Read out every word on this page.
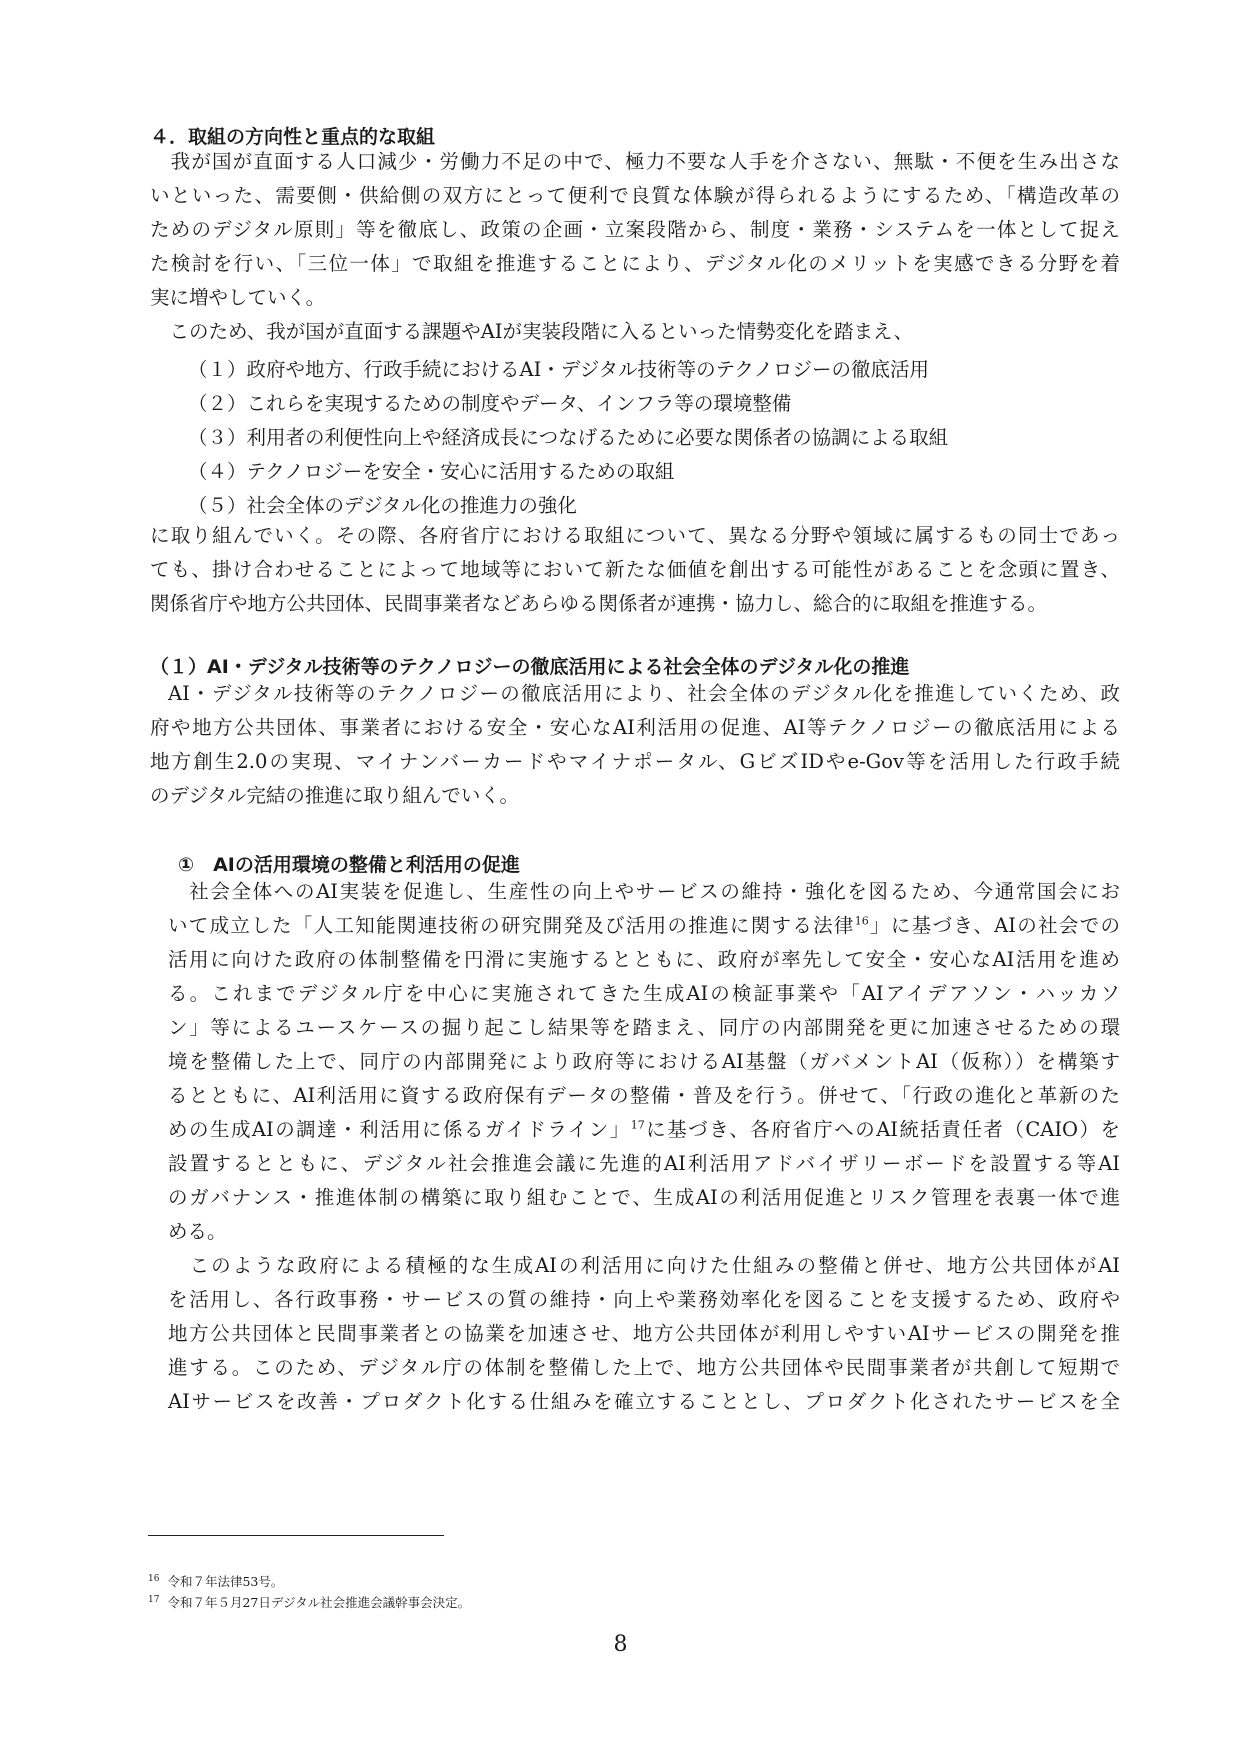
４．取組の方向性と重点的な取組
　我が国が直面する人口減少・労働力不足の中で、極力不要な人手を介さない、無駄・不便を生み出さな
いといった、需要側・供給側の双方にとって便利で良質な体験が得られるようにするため、「構造改革の
ためのデジタル原則」等を徹底し、政策の企画・立案段階から、制度・業務・システムを一体として捉え
た検討を行い、「三位一体」で取組を推進することにより、デジタル化のメリットを実感できる分野を着
実に増やしていく。
　このため、我が国が直面する課題やAIが実装段階に入るといった情勢変化を踏まえ、
（１）政府や地方、行政手続におけるAI・デジタル技術等のテクノロジーの徹底活用
（２）これらを実現するための制度やデータ、インフラ等の環境整備
（３）利用者の利便性向上や経済成長につなげるために必要な関係者の協調による取組
（４）テクノロジーを安全・安心に活用するための取組
（５）社会全体のデジタル化の推進力の強化
に取り組んでいく。その際、各府省庁における取組について、異なる分野や領域に属するもの同士であっ
ても、掛け合わせることによって地域等において新たな価値を創出する可能性があることを念頭に置き、
関係省庁や地方公共団体、民間事業者などあらゆる関係者が連携・協力し、総合的に取組を推進する。
（１）AI・デジタル技術等のテクノロジーの徹底活用による社会全体のデジタル化の推進
AI・デジタル技術等のテクノロジーの徹底活用により、社会全体のデジタル化を推進していくため、政
府や地方公共団体、事業者における安全・安心なAI利活用の促進、AI等テクノロジーの徹底活用による
地方創生2.0の実現、マイナンバーカードやマイナポータル、GビズIDやe-Gov等を活用した行政手続
のデジタル完結の推進に取り組んでいく。
①　AIの活用環境の整備と利活用の促進
　社会全体へのAI実装を促進し、生産性の向上やサービスの維持・強化を図るため、今通常国会にお
いて成立した「人工知能関連技術の研究開発及び活用の推進に関する法律$^{16}$」に基づき、AIの社会での
活用に向けた政府の体制整備を円滑に実施するとともに、政府が率先して安全・安心なAI活用を進め
る。これまでデジタル庁を中心に実施されてきた生成AIの検証事業や「AIアイデアソン・ハッカソ
ン」等によるユースケースの掘り起こし結果等を踏まえ、同庁の内部開発を更に加速させるための環
境を整備した上で、同庁の内部開発により政府等におけるAI基盤（ガバメントAI（仮称））を構築す
るとともに、AI利活用に資する政府保有データの整備・普及を行う。併せて、「行政の進化と革新のた
めの生成AIの調達・利活用に係るガイドライン」$^{17}$に基づき、各府省庁へのAI統括責任者（CAIO）を
設置するとともに、デジタル社会推進会議に先進的AI利活用アドバイザリーボードを設置する等AI
のガバナンス・推進体制の構築に取り組むことで、生成AIの利活用促進とリスク管理を表裏一体で進
める。
　このような政府による積極的な生成AIの利活用に向けた仕組みの整備と併せ、地方公共団体がAI
を活用し、各行政事務・サービスの質の維持・向上や業務効率化を図ることを支援するため、政府や
地方公共団体と民間事業者との協業を加速させ、地方公共団体が利用しやすいAIサービスの開発を推
進する。このため、デジタル庁の体制を整備した上で、地方公共団体や民間事業者が共創して短期で
AIサービスを改善・プロダクト化する仕組みを確立することとし、プロダクト化されたサービスを全
$^{16}$ 令和７年法律53号。
$^{17}$ 令和７年５月27日デジタル社会推進会議幹事会決定。
8
